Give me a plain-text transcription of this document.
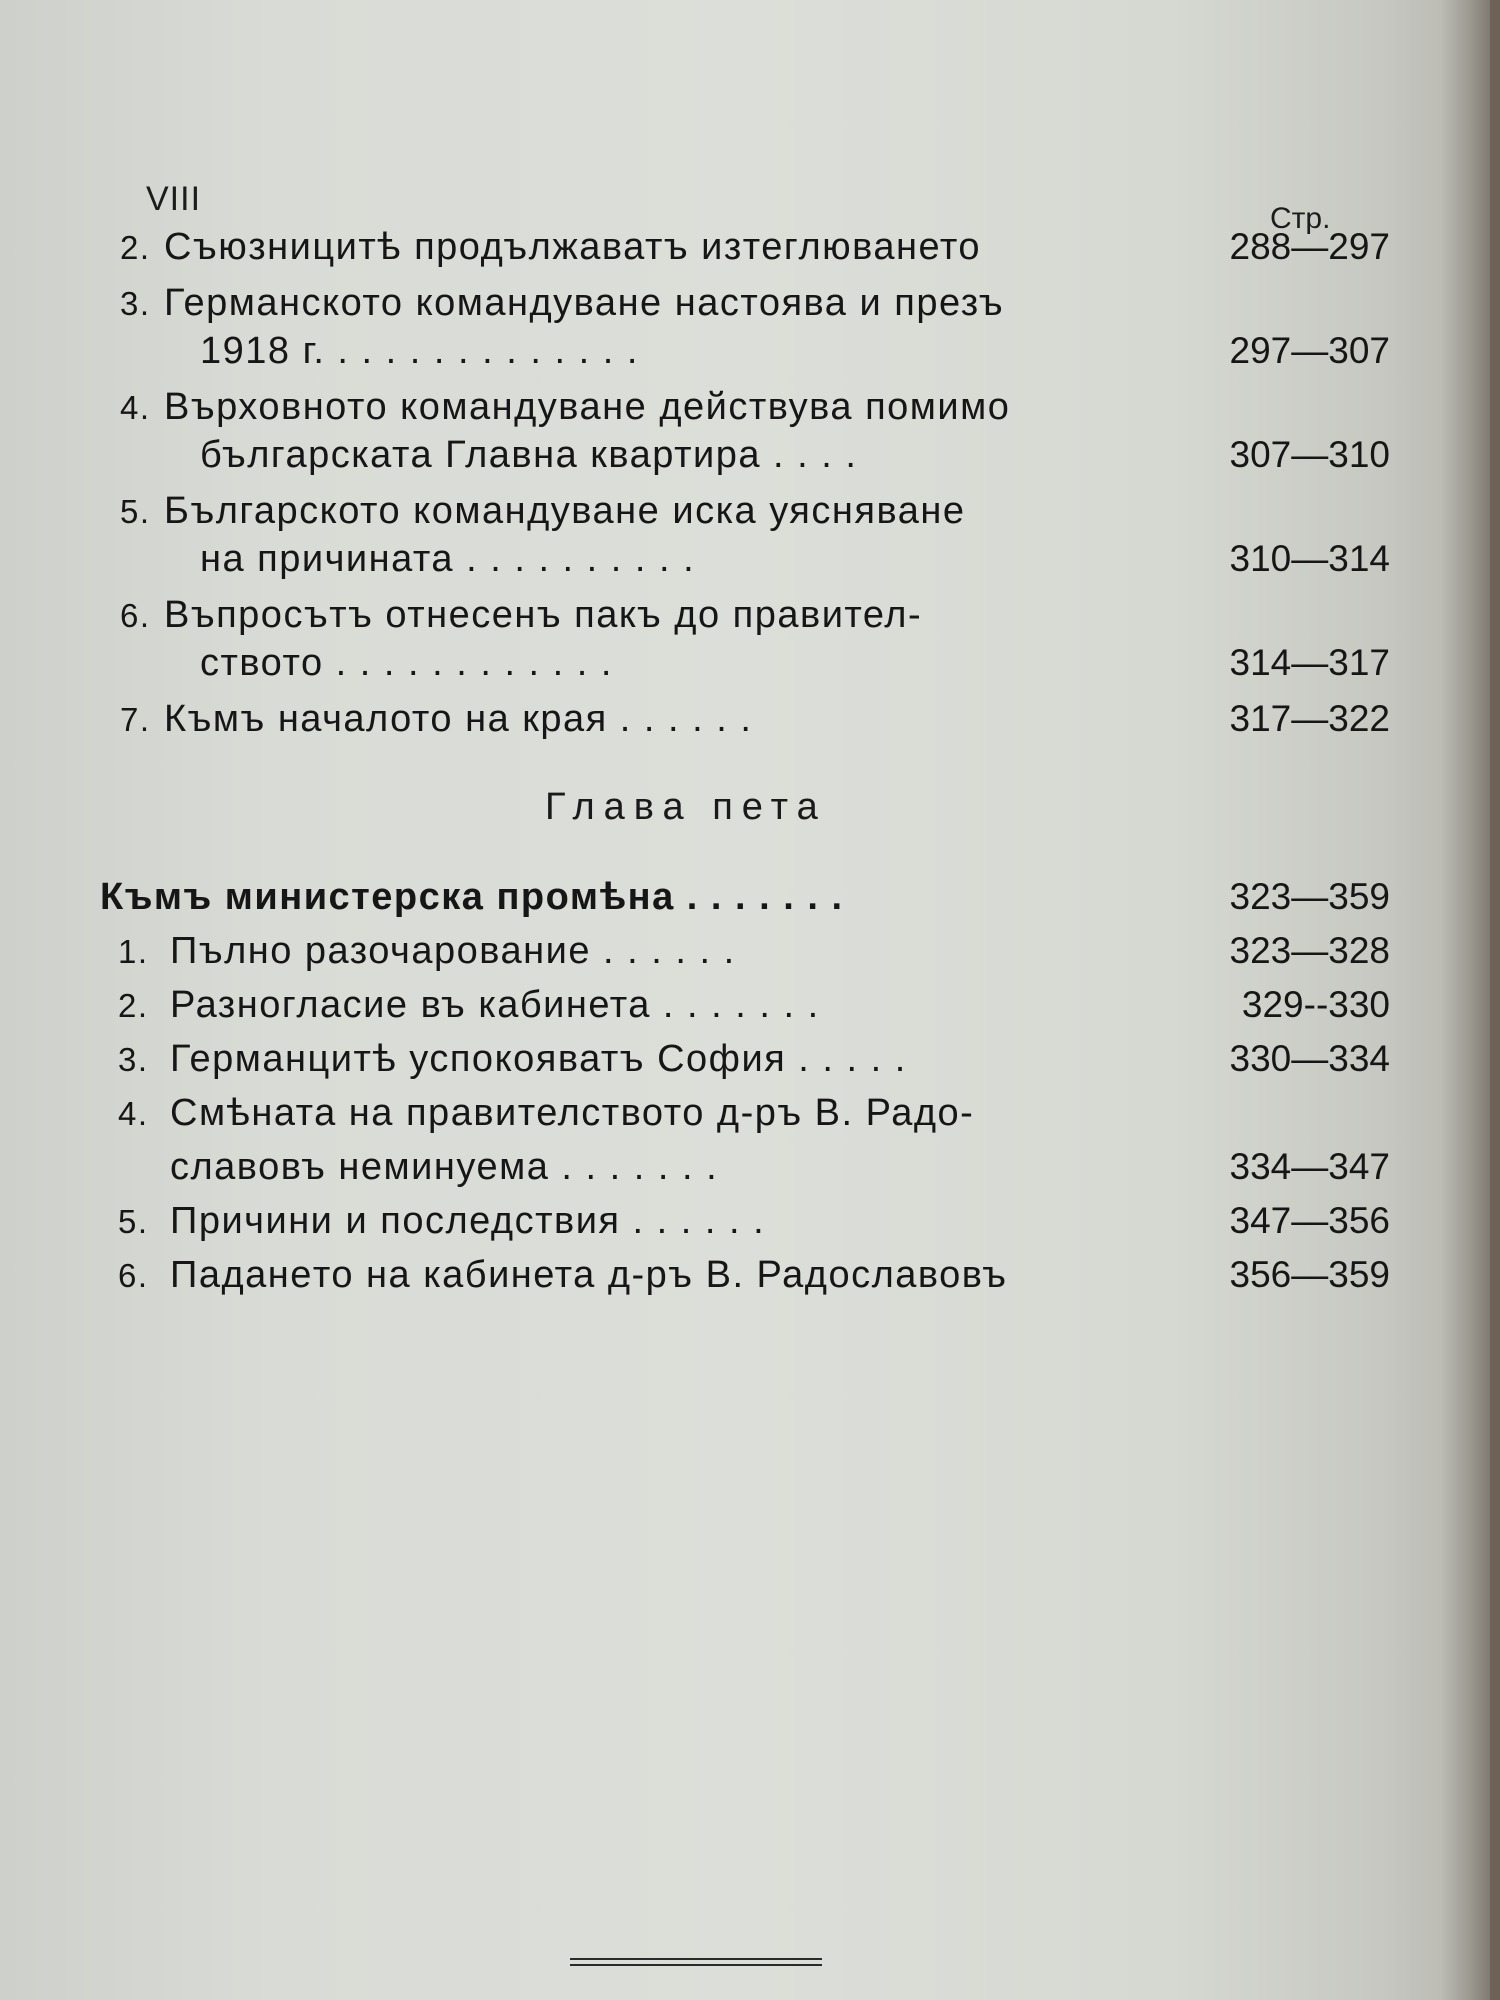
VIII
Стр.
2. Съюзницитѣ продължаватъ изтеглюването	288—297
3. Германското командуване настоява и презъ
1918 г. . . . . . . . . . . . . .	297—307
4. Върховното командуване действува помимо
българската Главна квартира . . . .	307—310
5. Българското командуване иска уясняване
на причината . . . . . . . . . .	310—314
6. Въпросътъ отнесенъ пакъ до правител-
ството . . . . . . . . . . . .	314—317
7. Къмъ началото на края . . . . . .	317—322
Глава пета
Къмъ министерска промѣна . . . . . . .	323—359
1. Пълно разочарование . . . . . .	323—328
2. Разногласие въ кабинета . . . . . . .	329--330
3. Германцитѣ успокояватъ София . . . . .	330—334
4. Смѣната на правителството д-ръ В. Радо-
славовъ неминуема . . . . . . .	334—347
5. Причини и последствия . . . . . .	347—356
6. Паданeто на кабинета д-ръ В. Радославовъ	356—359
